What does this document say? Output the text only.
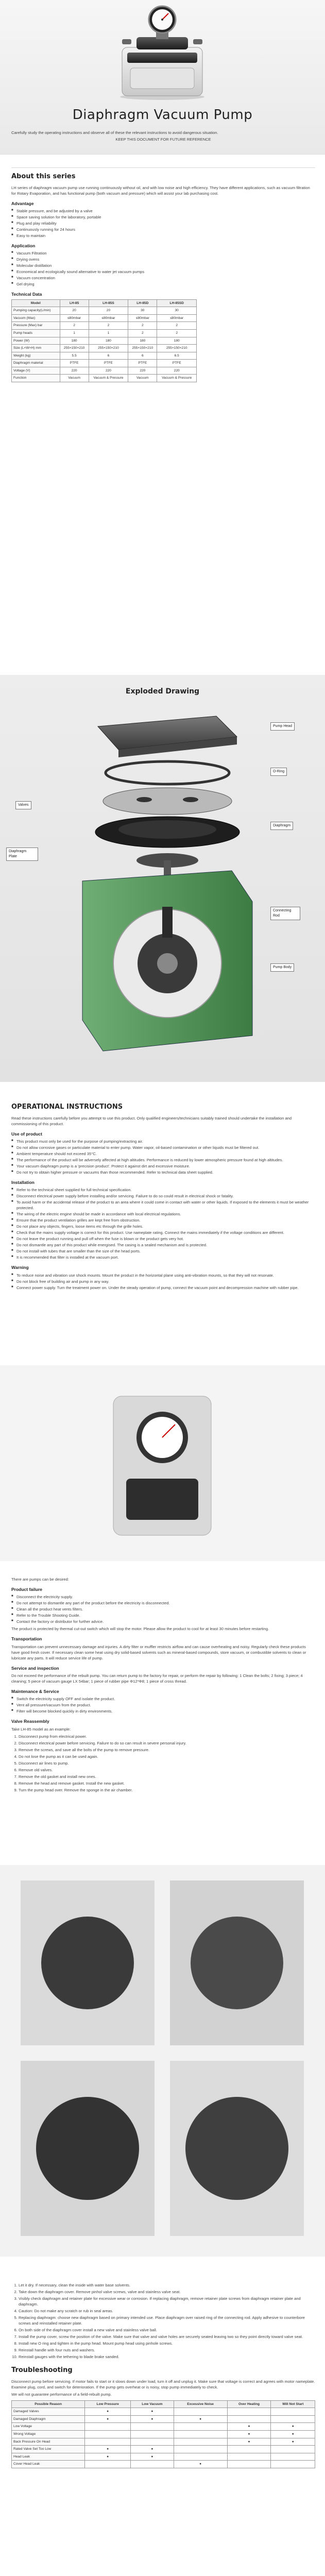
Diaphragm Vacuum Pump

Carefully study the operating instructions and observe all of these the relevant instructions to avoid dangerous situation.

KEEP THIS DOCUMENT FOR FUTURE REFERENCE

About this series

LH series of diaphragm vacuum pump use running continuously without oil, and with low noise and high efficiency. They have different applications, such as vacuum filtration for Rotary Evaporation, and has functional pump (both vacuum and pressure) which will assist your lab purchasing cost.

Advantage
■ Stable pressure, and be adjusted by a valve
■ Space saving solution for the laboratory, portable
■ Plug and play reliability
■ Continuously running for 24 hours
■ Easy to maintain
Application
■ Vacuum Filtration
■ Drying ovens
■ Molecular distillation
■ Economical and ecologically sound alternative to water jet vacuum pumps
■ Vacuum concentration
■ Gel drying
Technical Data
Model	LH-85	LH-85S	LH-85D	LH-85SD
Pumping capacity(L/min)	20	20	30	30
Vacuum (Max)	≤80mbar	≤80mbar	≤80mbar	≤80mbar
Pressure (Max) bar	2	2	2	2
Pump heads	1	1	2	2
Power (W)	180	180	180	180
Size (L×W×H) mm	255×150×210	255×150×210	255×150×210	255×150×210
Weight (kg)	5.5	6	6	6.5
Diaphragm material	PTFE	PTFE	PTFE	PTFE
Voltage (V)	220	220	220	220
Function	Vacuum	Vacuum & Pressure	Vacuum	Vacuum & Pressure
Exploded Drawing
Pump Head
O-Ring
Valves
Diaphragm
Diaphragm Plate
Connecting Rod
Pump Body
OPERATIONAL INSTRUCTIONS

Read these instructions carefully before you attempt to use this product. Only qualified engineers/technicians suitably trained should undertake the installation and commissioning of this product.

Use of product
■ This product must only be used for the purpose of pumping/extracting air.
■ Do not allow corrosive gases or particulate material to enter pump. Water vapor, oil-based contamination or other liquids must be filtered out.
■ Ambient temperature should not exceed 35°C.
■ The performance of the product will be adversely affected at high altitudes. Performance is reduced by lower atmospheric pressure found at high altitudes.
■ Your vacuum diaphragm pump is a 'precision product'. Protect it against dirt and excessive moisture.
■ Do not try to obtain higher pressure or vacuums than those recommended. Refer to technical data sheet supplied.
Installation
■ Refer to the technical sheet supplied for full technical specification.
■ Disconnect electrical power supply before installing and/or servicing. Failure to do so could result in electrical shock or fatality.
■ To avoid harm or the accidental release of the product to an area where it could come in contact with water or other liquids. If exposed to the elements it must be weather protected.
■ The wiring of the electric engine should be made in accordance with local electrical regulations.
■ Ensure that the product ventilation grilles are kept free from obstruction.
■ Do not place any objects, fingers, loose items etc through the grille holes.
■ Check that the mains supply voltage is correct for this product. Use nameplate rating. Connect the mains immediately if the voltage conditions are different.
■ Do not leave the product running and pull off when the fuse is blown or the product gets very hot.
■ Do not dismantle any part of this product while energised. The casing is a sealed mechanism and is protected.
■ Do not install with tubes that are smaller than the size of the head ports.
■ It is recommended that filter is installed at the vacuum port.
Warning
■ To reduce noise and vibration use shock mounts. Mount the product in the horizontal plane using anti-vibration mounts, so that they will not resonate.
■ Do not block free of building air and pump in any way.
■ Connect power supply. Turn the treatment power on. Under the steady operation of pump, connect the vacuum point and decompression machine with rubber pipe.

There are pumps can be desired:

Product failure
■ Disconnect the electricity supply.
■ Do not attempt to dismantle any part of the product before the electricity is disconnected.
■ Clean all the product heat vents filters.
■ Refer to the Trouble Shooting Guide.
■ Contact the factory or distributor for further advice.

The product is protected by thermal cut-out switch which will stop the motor. Please allow the product to cool for at least 30 minutes before restarting.

Transportation

Transportation can prevent unnecessary damage and injuries. A dirty filter or muffler restricts airflow and can cause overheating and noisy. Regularly check these products have good fresh cover. If necessary clean some heat using dry solid-based solvents such as mineral-based compounds, store vacuum, or combustible solvents to clean or lubricate any parts. It will reduce service life of pump.

Service and inspection

Do not exceed the performance of the rebuilt pump. You can return pump to the factory for repair, or perform the repair by following: 1 Clean the bolts; 2 fixing; 3 piece; 4 cleaning; 5 piece of vacuum gauge LX 54bar; 1 piece of rubber pipe Φ12*Φ8; 1 piece of cross thread.

Maintenance & Service
■ Switch the electricity supply OFF and isolate the product.
■ Vent all pressure/vacuum from the product.
■ Filter will become blocked quickly in dirty environments.
Valve Reassembly

Take LH-85 model as an example:

1. Disconnect pump from electrical power.
2. Disconnect electrical power before servicing. Failure to do so can result in severe personal injury.
3. Remove the screws, and save all the bolts of the pump to remove pressure.
4. Do not lose the pump as it can be used again.
5. Disconnect air lines to pump.
6. Remove old valves.
7. Remove the old gasket and install new ones.
8. Remove the head and remove gasket. Install the new gasket.
9. Turn the pump head over. Remove the sponge in the air chamber.
1. Let it dry. If necessary, clean the inside with water base solvents.
2. Take down the diaphragm cover. Remove pinhol valve screws, valve and stainless valve seat.
3. Visibly check diaphragm and retainer plate for excessive wear or corrosion. If replacing diaphragm, remove retainer plate screws from diaphragm retainer plate and diaphragm.
4. Caution: Do not make any scratch or rub in seal areas.
5. Replacing diaphragm: choose new diaphragm based on primary intended use. Place diaphragm over raised ring of the connecting rod. Apply adhesive to counterbore screws and reinstalled retainer plate.
6. On both side of the diaphragm cover install a new valve and stainless valve ball.
7. Install the pump cover, screw the position of the valve. Make sure that valve and valve holes are securely seated leaving two so they point directly toward valve seat.
8. Install new O ring and tighten in the pump head. Mount pump head using pinhole screws.
9. Reinstall handle with four nuts and washers.
10. Reinstall gauges with the tethering to blade brake sanded.
Troubleshooting

Disconnect pump before servicing. If motor fails to start or it slows down under load, turn it off and unplug it. Make sure that voltage is correct and agrees with motor nameplate. Examine plug, cord, and switch for deterioration. If the pump gets overheat or is noisy, stop pump immediately to check.

We will not guarantee performance of a field-rebuilt pump.

Possible Reason	Low Pressure	Low Vacuum	Excessive Noise	Over Heating	Will Not Start
Damaged Valves	●	●			
Damaged Diaphragm	●	●	●		
Low Voltage				●	●
Wrong Voltage				●	●
Back Pressure On Head				●	●
Rated Valve Set Too Low	●	●			
Head Leak	●	●			
Cover Head Leak			●		
